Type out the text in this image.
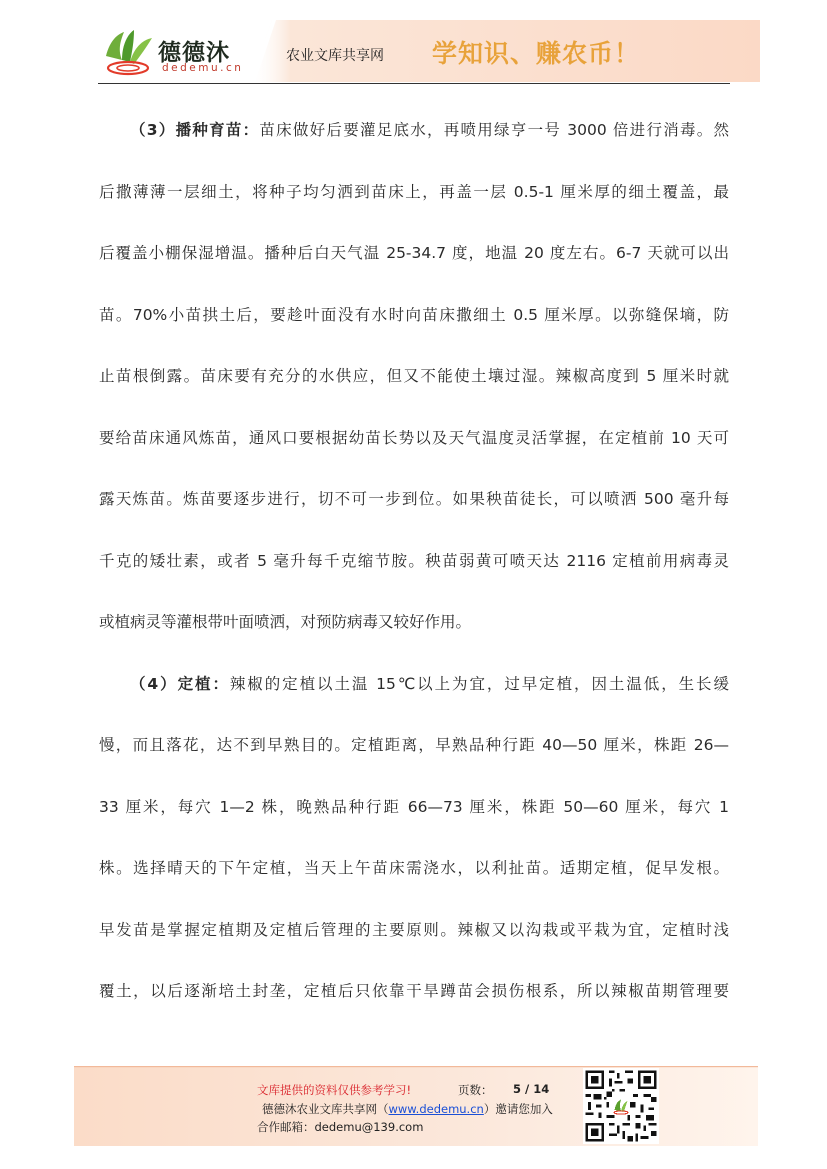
德德沐
dedemu.cn
农业文库共享网 学知识、赚农币！

（3）播种育苗：苗床做好后要灌足底水，再喷用绿亨一号 3000 倍进行消毒。然

后撒薄薄一层细土，将种子均匀洒到苗床上，再盖一层 0.5-1 厘米厚的细土覆盖，最

后覆盖小棚保湿增温。播种后白天气温 25-34.7 度，地温 20 度左右。6-7 天就可以出

苗。70%小苗拱土后，要趁叶面没有水时向苗床撒细土 0.5 厘米厚。以弥缝保墒，防

止苗根倒露。苗床要有充分的水供应，但又不能使土壤过湿。辣椒高度到 5 厘米时就

要给苗床通风炼苗，通风口要根据幼苗长势以及天气温度灵活掌握，在定植前 10 天可

露天炼苗。炼苗要逐步进行，切不可一步到位。如果秧苗徒长，可以喷洒 500 毫升每

千克的矮壮素，或者 5 毫升每千克缩节胺。秧苗弱黄可喷天达 2116 定植前用病毒灵

或植病灵等灌根带叶面喷洒，对预防病毒又较好作用。

（4）定植：辣椒的定植以土温 15℃以上为宜，过早定植，因土温低，生长缓

慢，而且落花，达不到早熟目的。定植距离，早熟品种行距 40—50 厘米，株距 26—

33 厘米，每穴 1—2 株，晚熟品种行距 66—73 厘米，株距 50—60 厘米，每穴 1

株。选择晴天的下午定植，当天上午苗床需浇水，以利扯苗。适期定植，促早发根。

早发苗是掌握定植期及定植后管理的主要原则。辣椒又以沟栽或平栽为宜，定植时浅

覆土，以后逐渐培土封垄，定植后只依靠干旱蹲苗会损伤根系，所以辣椒苗期管理要

文库提供的资料仅供参考学习!	页数： 5 / 14
德德沐农业文库共享网（www.dedemu.cn）邀请您加入
合作邮箱：dedemu@139.com
